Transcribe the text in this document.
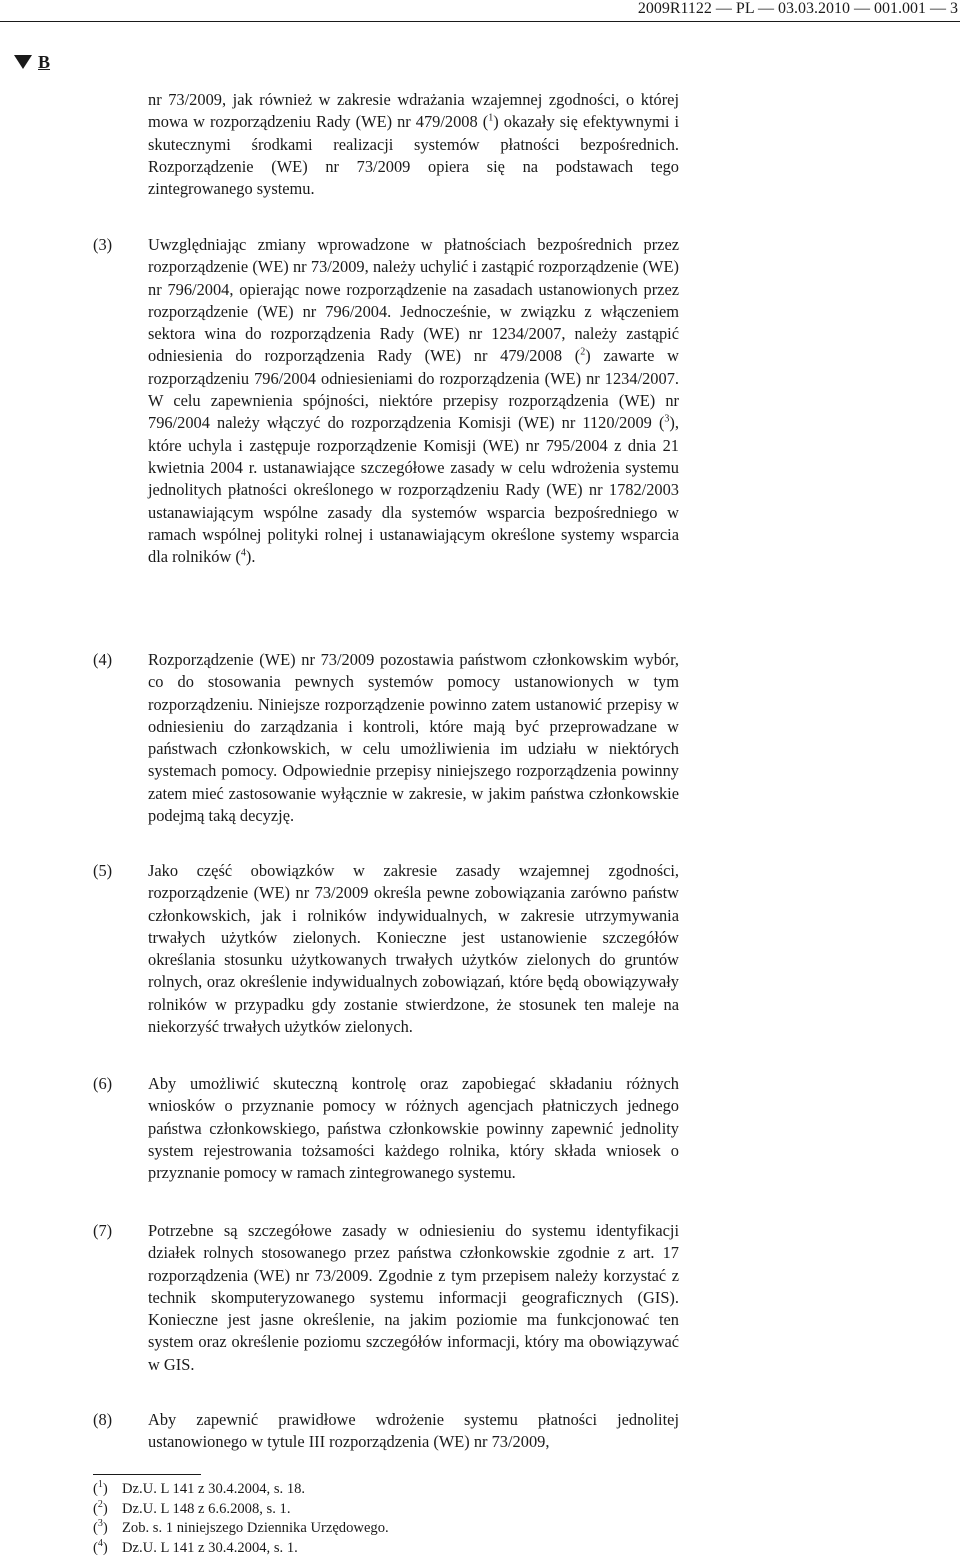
2009R1122 — PL — 03.03.2010 — 001.001 — 3
B
nr 73/2009, jak również w zakresie wdrażania wzajemnej zgodności, o której mowa w rozporządzeniu Rady (WE) nr 479/2008 ($^1$) okazały się efektywnymi i skutecznymi środkami realizacji systemów płatności bezpośrednich. Rozporządzenie (WE) nr 73/2009 opiera się na podstawach tego zintegrowanego systemu.
(3) Uwzględniając zmiany wprowadzone w płatnościach bezpośrednich przez rozporządzenie (WE) nr 73/2009, należy uchylić i zastąpić rozporządzenie (WE) nr 796/2004, opierając nowe rozporządzenie na zasadach ustanowionych przez rozporządzenie (WE) nr 796/2004. Jednocześnie, w związku z włączeniem sektora wina do rozporządzenia Rady (WE) nr 1234/2007, należy zastąpić odniesienia do rozporządzenia Rady (WE) nr 479/2008 ($^2$) zawarte w rozporządzeniu 796/2004 odniesieniami do rozporządzenia (WE) nr 1234/2007. W celu zapewnienia spójności, niektóre przepisy rozporządzenia (WE) nr 796/2004 należy włączyć do rozporządzenia Komisji (WE) nr 1120/2009 ($^3$), które uchyla i zastępuje rozporządzenie Komisji (WE) nr 795/2004 z dnia 21 kwietnia 2004 r. ustanawiające szczegółowe zasady w celu wdrożenia systemu jednolitych płatności określonego w rozporządzeniu Rady (WE) nr 1782/2003 ustanawiającym wspólne zasady dla systemów wsparcia bezpośredniego w ramach wspólnej polityki rolnej i ustanawiającym określone systemy wsparcia dla rolników ($^4$).
(4) Rozporządzenie (WE) nr 73/2009 pozostawia państwom członkowskim wybór, co do stosowania pewnych systemów pomocy ustanowionych w tym rozporządzeniu. Niniejsze rozporządzenie powinno zatem ustanowić przepisy w odniesieniu do zarządzania i kontroli, które mają być przeprowadzane w państwach członkowskich, w celu umożliwienia im udziału w niektórych systemach pomocy. Odpowiednie przepisy niniejszego rozporządzenia powinny zatem mieć zastosowanie wyłącznie w zakresie, w jakim państwa członkowskie podejmą taką decyzję.
(5) Jako część obowiązków w zakresie zasady wzajemnej zgodności, rozporządzenie (WE) nr 73/2009 określa pewne zobowiązania zarówno państw członkowskich, jak i rolników indywidualnych, w zakresie utrzymywania trwałych użytków zielonych. Konieczne jest ustanowienie szczegółów określania stosunku użytkowanych trwałych użytków zielonych do gruntów rolnych, oraz określenie indywidualnych zobowiązań, które będą obowiązywały rolników w przypadku gdy zostanie stwierdzone, że stosunek ten maleje na niekorzyść trwałych użytków zielonych.
(6) Aby umożliwić skuteczną kontrolę oraz zapobiegać składaniu różnych wniosków o przyznanie pomocy w różnych agencjach płatniczych jednego państwa członkowskiego, państwa członkowskie powinny zapewnić jednolity system rejestrowania tożsamości każdego rolnika, który składa wniosek o przyznanie pomocy w ramach zintegrowanego systemu.
(7) Potrzebne są szczegółowe zasady w odniesieniu do systemu identyfikacji działek rolnych stosowanego przez państwa członkowskie zgodnie z art. 17 rozporządzenia (WE) nr 73/2009. Zgodnie z tym przepisem należy korzystać z technik skomputeryzowanego systemu informacji geograficznych (GIS). Konieczne jest jasne określenie, na jakim poziomie ma funkcjonować ten system oraz określenie poziomu szczegółów informacji, który ma obowiązywać w GIS.
(8) Aby zapewnić prawidłowe wdrożenie systemu płatności jednolitej ustanowionego w tytule III rozporządzenia (WE) nr 73/2009,
($^1$) Dz.U. L 141 z 30.4.2004, s. 18.
($^2$) Dz.U. L 148 z 6.6.2008, s. 1.
($^3$) Zob. s. 1 niniejszego Dziennika Urzędowego.
($^4$) Dz.U. L 141 z 30.4.2004, s. 1.
